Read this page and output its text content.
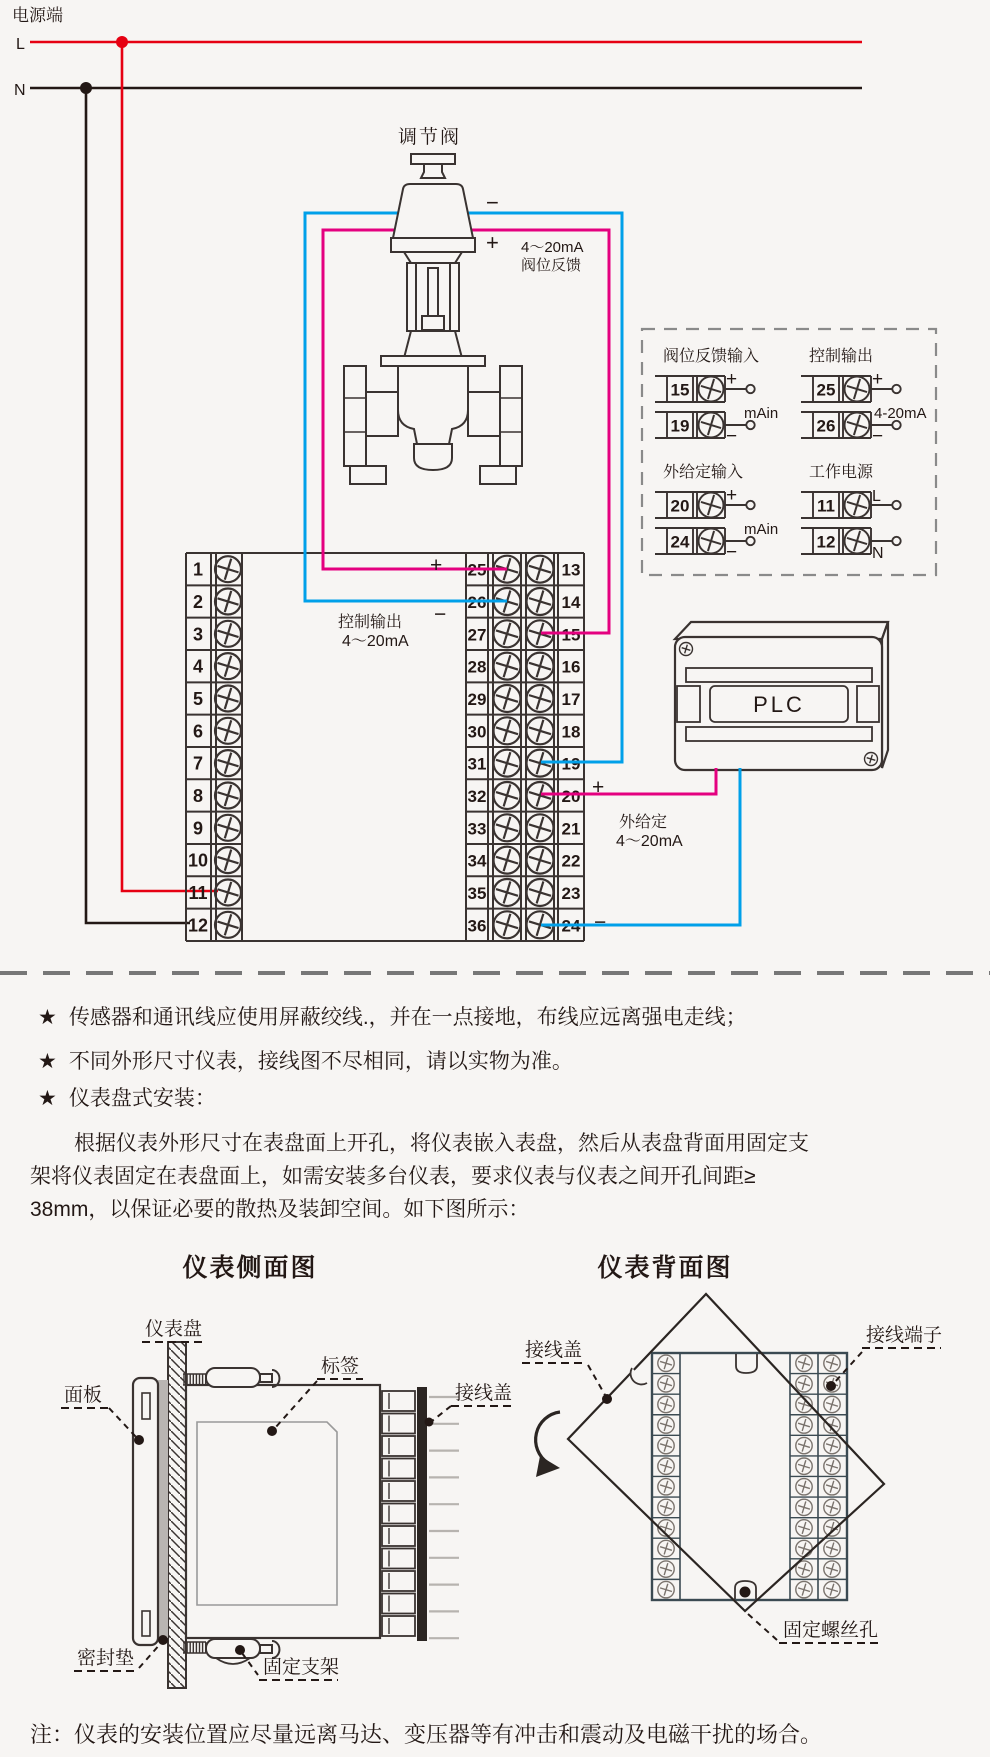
阀位反馈输入
15 +
19 −
mAin
控制输出
25 +
26 −
4-20mA
外给定输入
20 +
24 −
mAin
工作电源
11 L
12
N
1	25	13
2	26	14
3	27	15
4	28	16
5	29	17
6	30	18
7	31	19
8	32	20
9	33	21
10	34	22
11	35	23
12	36	24
PLC
电源端
L
N
调节阀
−
+ 4～20mA
阀位反馈
+
−
控制输出
4～20mA
+
−
外给定
4～20mA
仪表盘
面板
标签
接线盖
密封垫	固定支架
接线盖
接线端子
固定螺丝孔
★ 传感器和通讯线应使用屏蔽绞线.，并在一点接地，布线应远离强电走线；
★ 不同外形尺寸仪表，接线图不尽相同，请以实物为准。
★ 仪表盘式安装：
根据仪表外形尺寸在表盘面上开孔，将仪表嵌入表盘，然后从表盘背面用固定支
架将仪表固定在表盘面上，如需安装多台仪表，要求仪表与仪表之间开孔间距≥
38mm，以保证必要的散热及装卸空间。如下图所示：
仪表侧面图	仪表背面图
注：仪表的安装位置应尽量远离马达、变压器等有冲击和震动及电磁干扰的场合。
